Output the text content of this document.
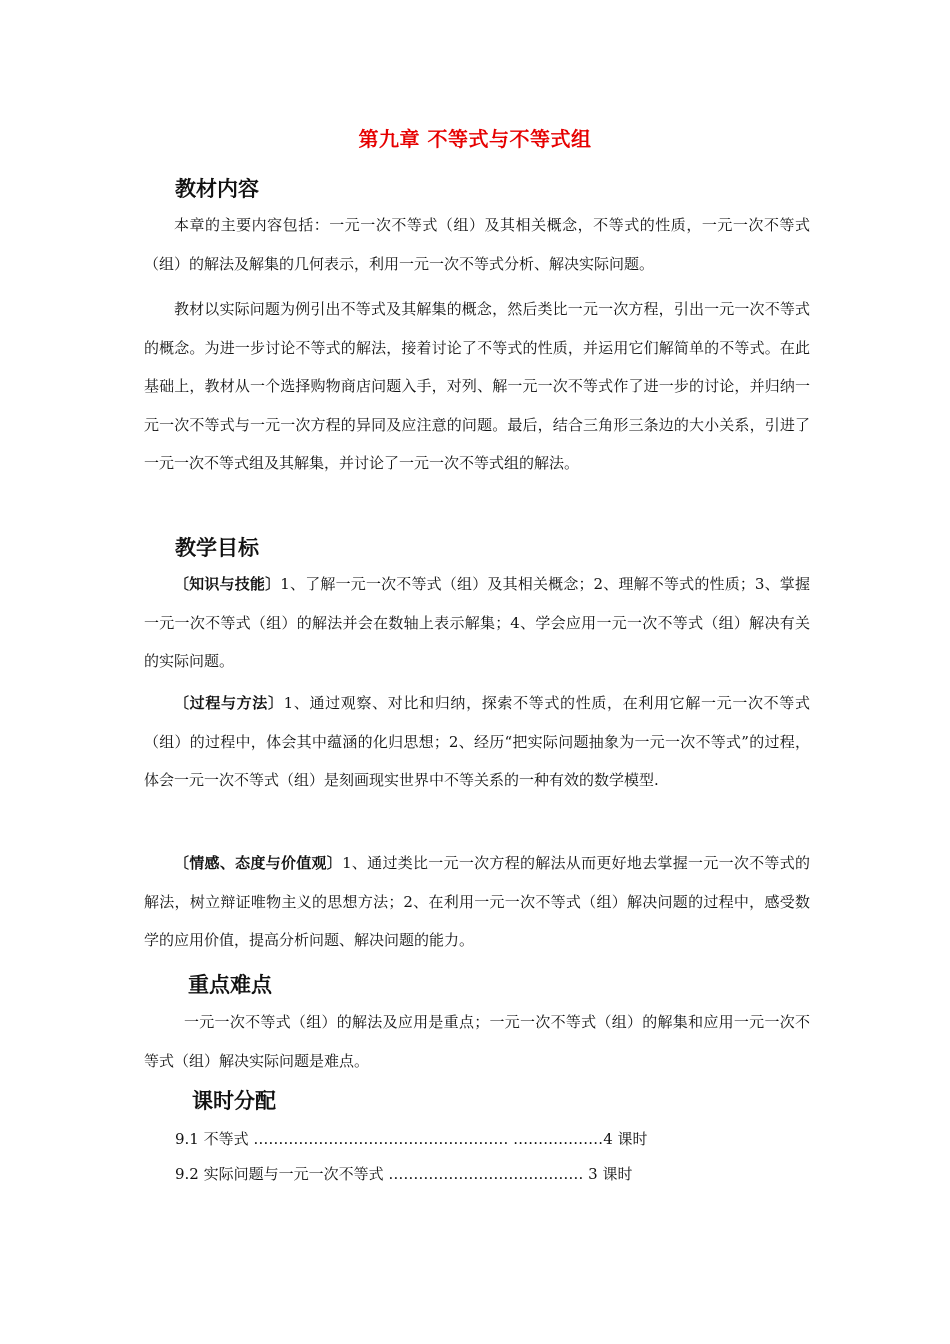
第九章 不等式与不等式组
教材内容
本章的主要内容包括：一元一次不等式（组）及其相关概念，不等式的性质，一元一次不等式（组）的解法及解集的几何表示，利用一元一次不等式分析、解决实际问题。
教材以实际问题为例引出不等式及其解集的概念，然后类比一元一次方程，引出一元一次不等式的概念。为进一步讨论不等式的解法，接着讨论了不等式的性质，并运用它们解简单的不等式。在此基础上，教材从一个选择购物商店问题入手，对列、解一元一次不等式作了进一步的讨论，并归纳一元一次不等式与一元一次方程的异同及应注意的问题。最后，结合三角形三条边的大小关系，引进了一元一次不等式组及其解集，并讨论了一元一次不等式组的解法。
教学目标
〔知识与技能〕1、了解一元一次不等式（组）及其相关概念；2、理解不等式的性质；3、掌握一元一次不等式（组）的解法并会在数轴上表示解集；4、学会应用一元一次不等式（组）解决有关的实际问题。
〔过程与方法〕1、通过观察、对比和归纳，探索不等式的性质，在利用它解一元一次不等式（组）的过程中，体会其中蕴涵的化归思想；2、经历“把实际问题抽象为一元一次不等式”的过程，体会一元一次不等式（组）是刻画现实世界中不等关系的一种有效的数学模型.
〔情感、态度与价值观〕1、通过类比一元一次方程的解法从而更好地去掌握一元一次不等式的解法，树立辩证唯物主义的思想方法；2、在利用一元一次不等式（组）解决问题的过程中，感受数学的应用价值，提高分析问题、解决问题的能力。
重点难点
一元一次不等式（组）的解法及应用是重点；一元一次不等式（组）的解集和应用一元一次不等式（组）解决实际问题是难点。
课时分配
9.1 不等式 …………………………………………… ………………4 课时
9.2 实际问题与一元一次不等式 ………………………………… 3 课时
